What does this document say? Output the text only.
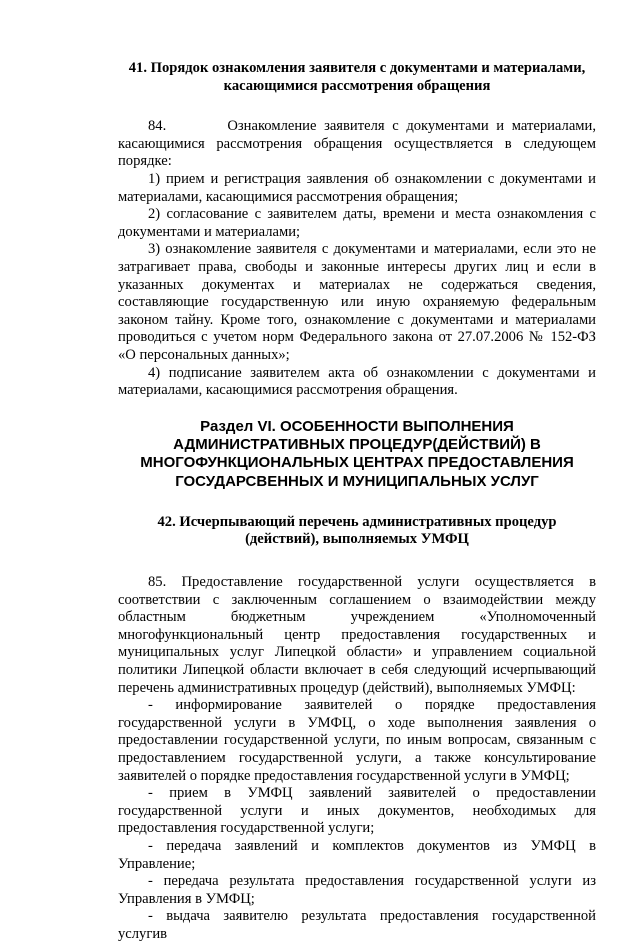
41. Порядок ознакомления заявителя с документами и материалами,
касающимися рассмотрения обращения

84.        Ознакомление заявителя с документами и материалами, касающимися рассмотрения обращения осуществляется в следующем порядке:

1) прием и регистрация заявления об ознакомлении с документами и материалами, касающимися рассмотрения обращения;

2) согласование с заявителем даты, времени и места ознакомления с документами и материалами;

3) ознакомление заявителя с документами и материалами, если это не затрагивает права, свободы и законные интересы других лиц и если в указанных документах и материалах не содержаться сведения, составляющие государственную или иную охраняемую федеральным законом тайну. Кроме того, ознакомление с документами и материалами проводиться с учетом норм Федерального закона от 27.07.2006 № 152-ФЗ «О персональных данных»;

4) подписание заявителем акта об ознакомлении с документами и материалами, касающимися рассмотрения обращения.

Раздел VI. ОСОБЕННОСТИ ВЫПОЛНЕНИЯ
АДМИНИСТРАТИВНЫХ ПРОЦЕДУР(ДЕЙСТВИЙ) В
МНОГОФУНКЦИОНАЛЬНЫХ ЦЕНТРАХ ПРЕДОСТАВЛЕНИЯ
ГОСУДАРСВЕННЫХ И МУНИЦИПАЛЬНЫХ УСЛУГ
42. Исчерпывающий перечень административных процедур
(действий), выполняемых УМФЦ

85. Предоставление государственной услуги осуществляется в соответствии с заключенным соглашением о взаимодействии между областным бюджетным учреждением «Уполномоченный многофункциональный центр предоставления государственных и муниципальных услуг Липецкой области» и управлением социальной политики Липецкой области включает в себя следующий исчерпывающий перечень административных процедур (действий), выполняемых УМФЦ:

- информирование заявителей о порядке предоставления государственной услуги в УМФЦ, о ходе выполнения заявления о предоставлении государственной услуги, по иным вопросам, связанным с предоставлением государственной услуги, а также консультирование заявителей о порядке предоставления государственной услуги в УМФЦ;

- прием в УМФЦ заявлений заявителей о предоставлении государственной услуги и иных документов, необходимых для предоставления государственной услуги;

- передача заявлений и комплектов документов из УМФЦ в Управление;

- передача результата предоставления государственной услуги из Управления в УМФЦ;

- выдача заявителю результата предоставления государственной услугив
